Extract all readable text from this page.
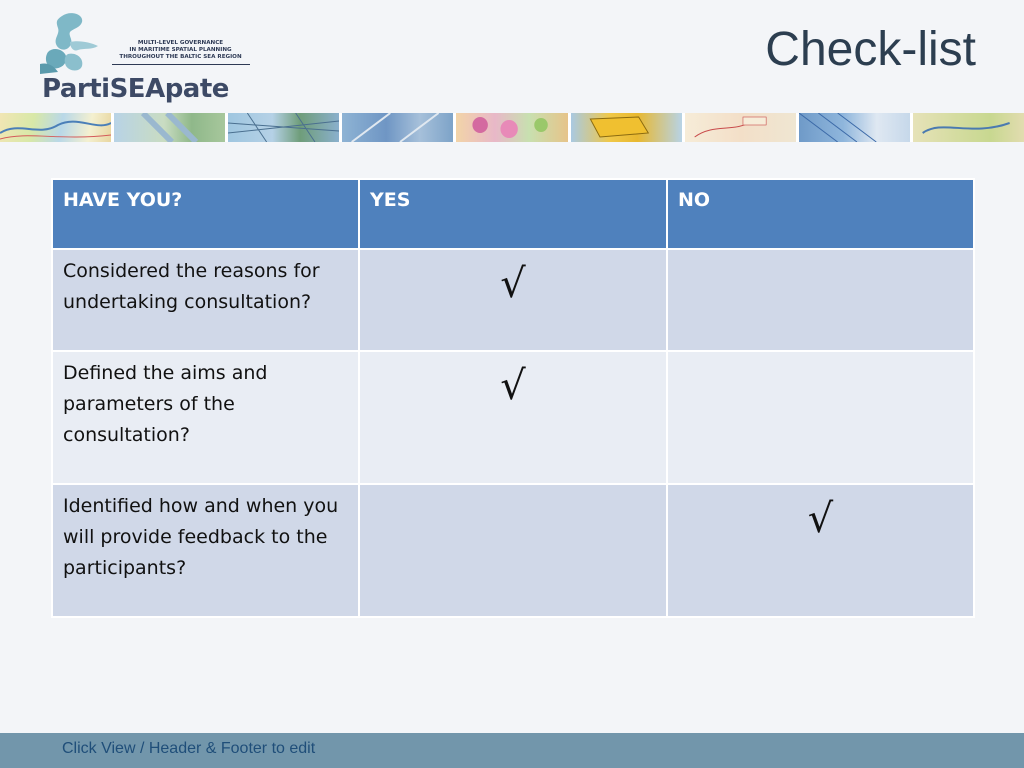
MULTI-LEVEL GOVERNANCE
IN MARITIME SPATIAL PLANNING
THROUGHOUT THE BALTIC SEA REGION
PartiSEApate
Check-list
HAVE YOU?	YES	NO
Considered the reasons for undertaking consultation?	√	
Defined the aims and parameters of the consultation?	√	
Identified how and when you will provide feedback to the participants?		√
Click View / Header & Footer to edit
